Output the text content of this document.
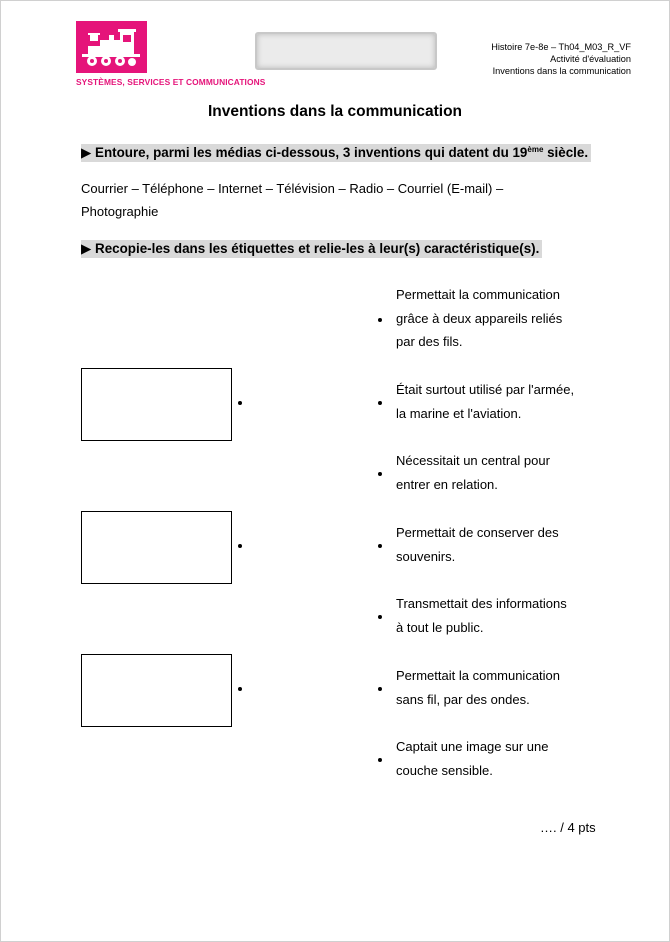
SYSTÈMES, SERVICES ET COMMUNICATIONS
Histoire 7e-8e – Th04_M03_R_VF
Activité d'évaluation
Inventions dans la communication
Inventions dans la communication
▶ Entoure, parmi les médias ci-dessous, 3 inventions qui datent du 19ème siècle.
Courrier – Téléphone – Internet – Télévision – Radio – Courriel (E-mail) –
Photographie
▶ Recopie-les dans les étiquettes et relie-les à leur(s) caractéristique(s).
Permettait la communication
grâce à deux appareils reliés
par des fils.
Était surtout utilisé par l'armée,
la marine et l'aviation.
Nécessitait un central pour
entrer en relation.
Permettait de conserver des
souvenirs.
Transmettait des informations
à tout le public.
Permettait la communication
sans fil, par des ondes.
Captait une image sur une
couche sensible.
…. / 4 pts
